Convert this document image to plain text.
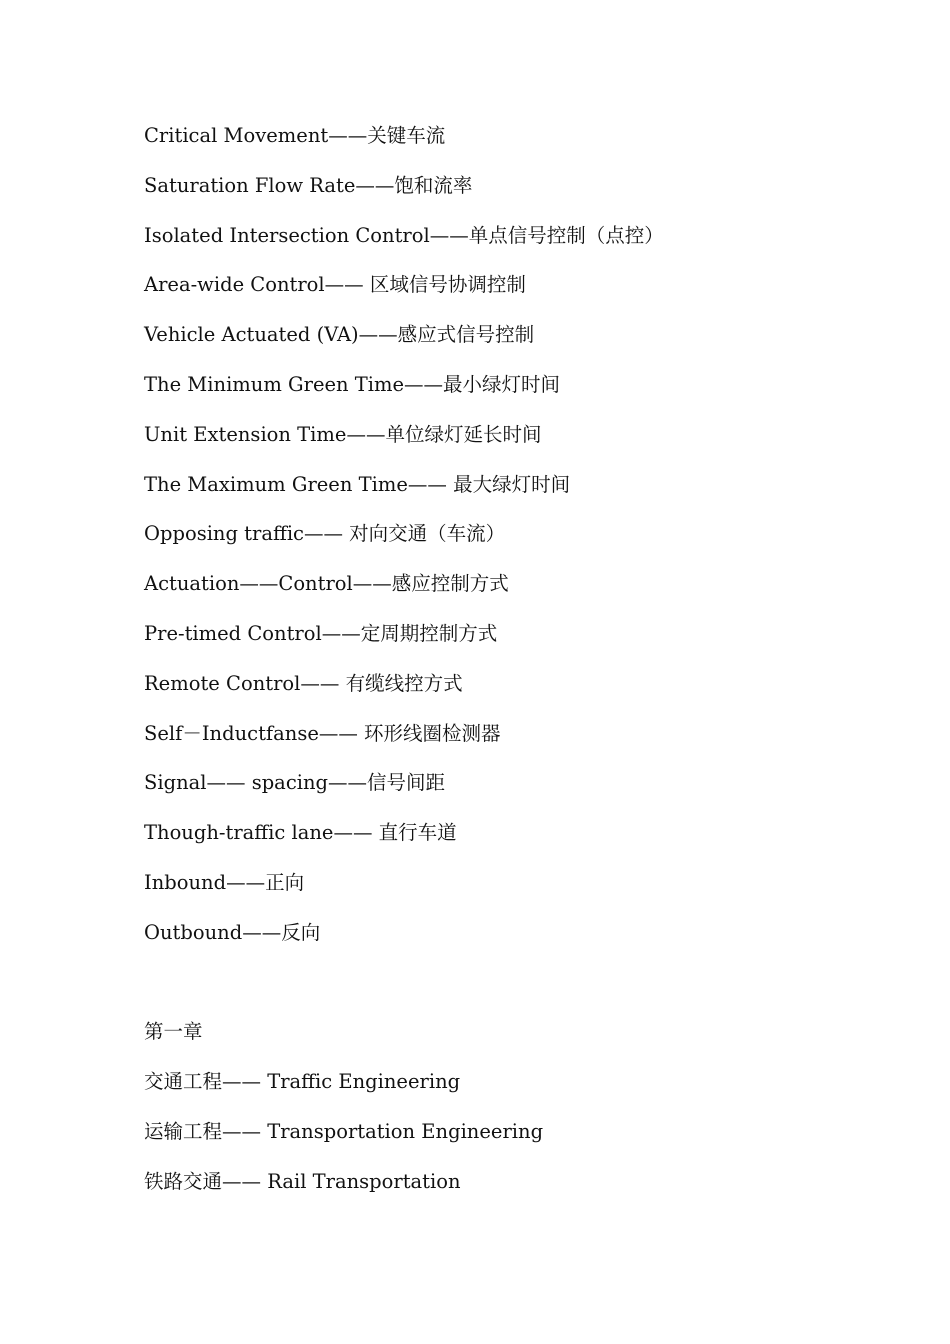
Critical Movement——关键车流
Saturation Flow Rate——饱和流率
Isolated Intersection Control——单点信号控制（点控）
Area-wide Control—— 区域信号协调控制
Vehicle Actuated (VA)——感应式信号控制
The Minimum Green Time——最小绿灯时间
Unit Extension Time——单位绿灯延长时间
The Maximum Green Time—— 最大绿灯时间
Opposing traffic—— 对向交通（车流）
Actuation——Control——感应控制方式
Pre-timed Control——定周期控制方式
Remote Control—— 有缆线控方式
Self－Inductfanse—— 环形线圈检测器
Signal—— spacing——信号间距
Though-traffic lane—— 直行车道
Inbound——正向
Outbound——反向
第一章
交通工程—— Traffic Engineering
运输工程—— Transportation Engineering
铁路交通—— Rail Transportation
